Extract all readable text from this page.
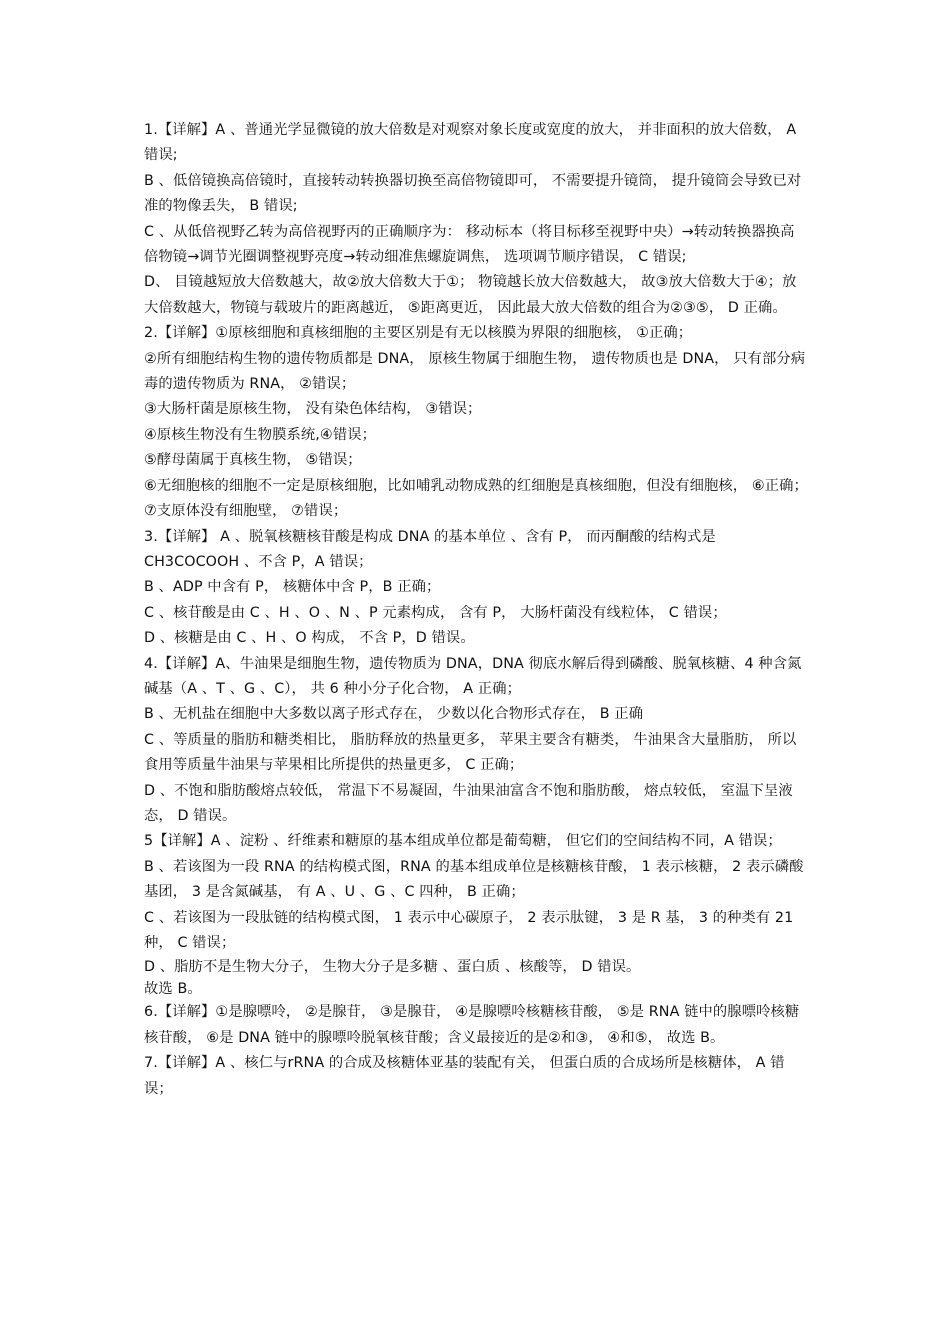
1.【详解】A 、普通光学显微镜的放大倍数是对观察对象长度或宽度的放大， 并非面积的放大倍数， A 错误;

B 、低倍镜换高倍镜时，直接转动转换器切换至高倍物镜即可， 不需要提升镜筒， 提升镜筒会导致已对准的物像丢失， B 错误;

C 、从低倍视野乙转为高倍视野丙的正确顺序为： 移动标本（将目标移至视野中央）→转动转换器换高倍物镜→调节光圈调整视野亮度→转动细准焦螺旋调焦， 选项调节顺序错误， C 错误;

D、 目镜越短放大倍数越大，故②放大倍数大于①； 物镜越长放大倍数越大， 故③放大倍数大于④；放大倍数越大，物镜与载玻片的距离越近， ⑤距离更近， 因此最大放大倍数的组合为②③⑤， D 正确。

2.【详解】①原核细胞和真核细胞的主要区别是有无以核膜为界限的细胞核， ①正确；

②所有细胞结构生物的遗传物质都是 DNA， 原核生物属于细胞生物， 遗传物质也是 DNA， 只有部分病毒的遗传物质为 RNA， ②错误；

③大肠杆菌是原核生物， 没有染色体结构， ③错误；

④原核生物没有生物膜系统,④错误；

⑤酵母菌属于真核生物， ⑤错误；

⑥无细胞核的细胞不一定是原核细胞，比如哺乳动物成熟的红细胞是真核细胞，但没有细胞核， ⑥正确；

⑦支原体没有细胞壁， ⑦错误；

3.【详解】 A 、脱氧核糖核苷酸是构成 DNA 的基本单位 、含有 P， 而丙酮酸的结构式是 CH3COCOOH 、不含 P，A 错误；

B 、ADP 中含有 P， 核糖体中含 P，B 正确；

C 、核苷酸是由 C 、H 、O 、N 、P 元素构成， 含有 P， 大肠杆菌没有线粒体， C 错误；

D 、核糖是由 C 、H 、O 构成， 不含 P，D 错误。

4.【详解】A、牛油果是细胞生物，遗传物质为 DNA，DNA 彻底水解后得到磷酸、脱氧核糖、4 种含氮碱基（A 、T 、G 、C）， 共 6 种小分子化合物， A 正确；

B 、无机盐在细胞中大多数以离子形式存在， 少数以化合物形式存在， B 正确

C 、等质量的脂肪和糖类相比， 脂肪释放的热量更多， 苹果主要含有糖类， 牛油果含大量脂肪， 所以食用等质量牛油果与苹果相比所提供的热量更多， C 正确；

D 、不饱和脂肪酸熔点较低， 常温下不易凝固，牛油果油富含不饱和脂肪酸， 熔点较低， 室温下呈液态， D 错误。

5【详解】A 、淀粉 、纤维素和糖原的基本组成单位都是葡萄糖， 但它们的空间结构不同，A 错误；

B 、若该图为一段 RNA 的结构模式图，RNA 的基本组成单位是核糖核苷酸， 1 表示核糖， 2 表示磷酸基团， 3 是含氮碱基， 有 A 、U 、G 、C 四种， B 正确；

C 、若该图为一段肽链的结构模式图， 1 表示中心碳原子， 2 表示肽键， 3 是 R 基， 3 的种类有 21 种， C 错误；

D 、脂肪不是生物大分子， 生物大分子是多糖 、蛋白质 、核酸等， D 错误。

故选 B。

6.【详解】①是腺嘌呤， ②是腺苷， ③是腺苷， ④是腺嘌呤核糖核苷酸， ⑤是 RNA 链中的腺嘌呤核糖核苷酸， ⑥是 DNA 链中的腺嘌呤脱氧核苷酸；含义最接近的是②和③， ④和⑤， 故选 B。

7.【详解】A 、核仁与rRNA 的合成及核糖体亚基的装配有关， 但蛋白质的合成场所是核糖体， A 错误；
